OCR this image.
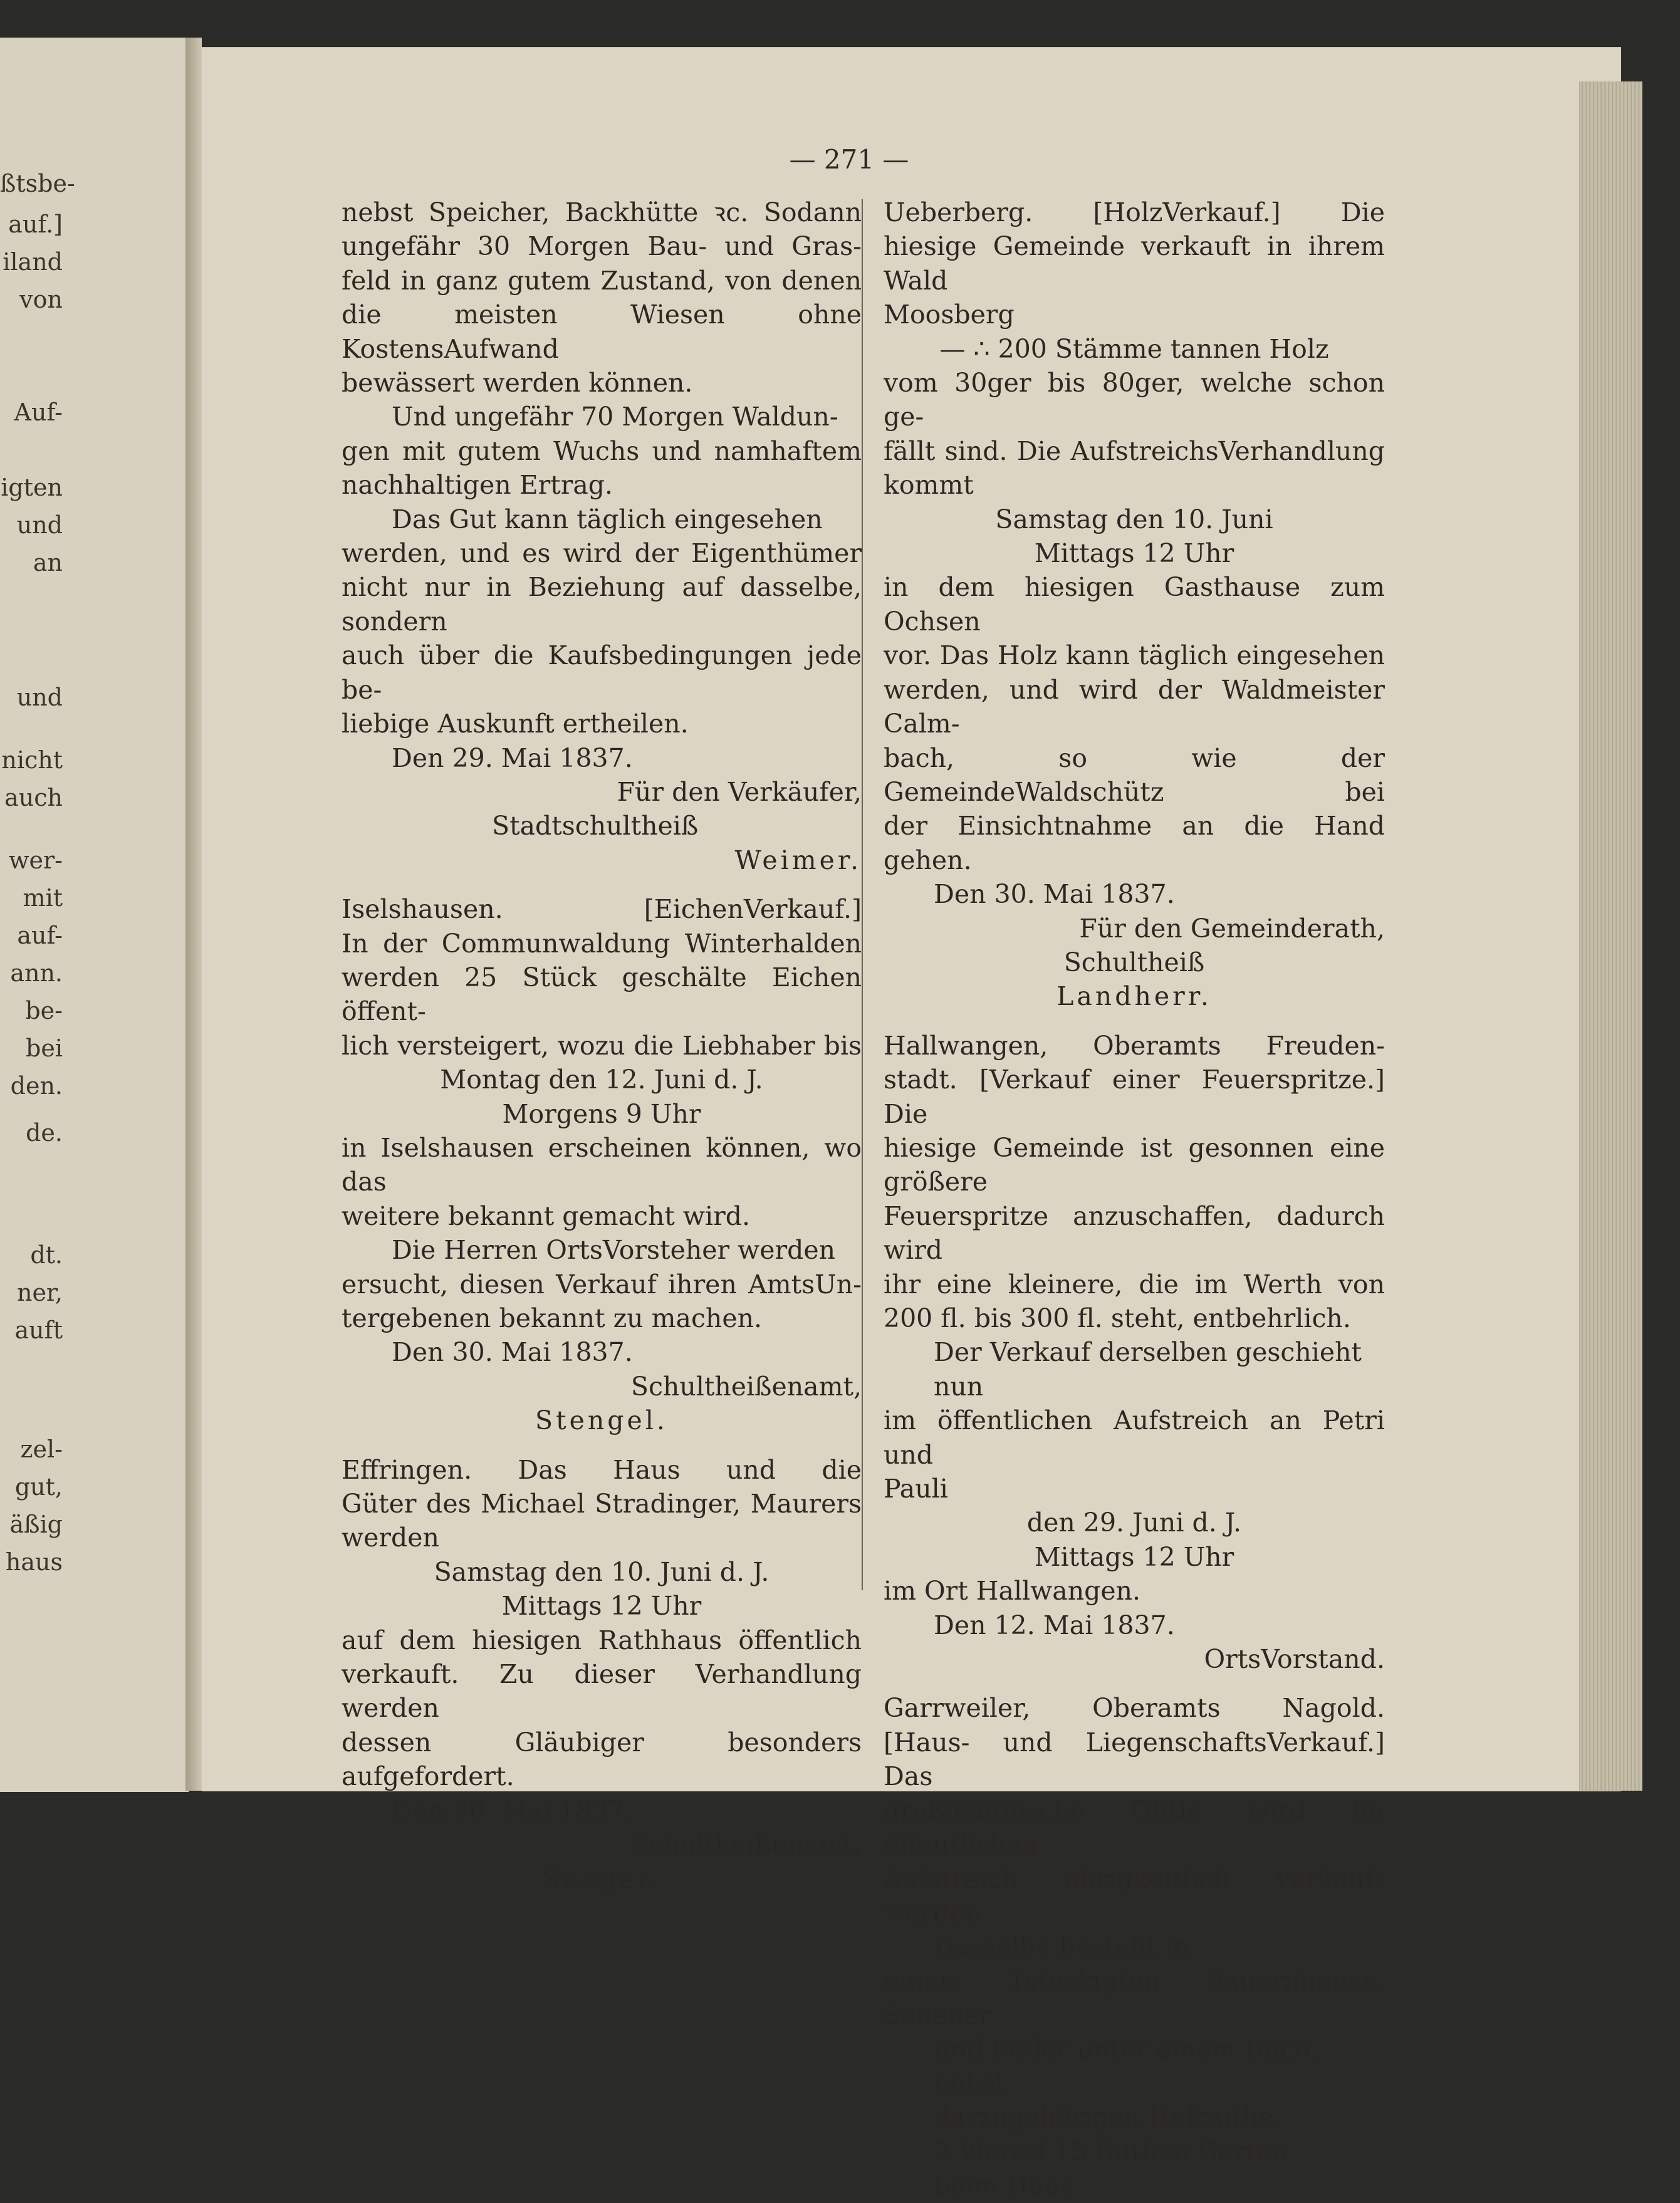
ßtsbe-
auf.]
iland
von
Auf-
igten
und
an
und
nicht
auch
wer-
mit
auf-
ann.
be-
bei
den.
de.
dt.
ner,
auft
zel-
gut,
äßig
haus
— 271 —

nebst Speicher, Backhütte ꝛc. Sodann

ungefähr 30 Morgen Bau- und Gras-

feld in ganz gutem Zustand, von denen

die meisten Wiesen ohne KostensAufwand

bewässert werden können.

Und ungefähr 70 Morgen Waldun-

gen mit gutem Wuchs und namhaftem

nachhaltigen Ertrag.

Das Gut kann täglich eingesehen

werden, und es wird der Eigenthümer

nicht nur in Beziehung auf dasselbe, sondern

auch über die Kaufsbedingungen jede be-

liebige Auskunft ertheilen.

Den 29. Mai 1837.

Für den Verkäufer,

Stadtschultheiß

Weimer.

Iselshausen. [EichenVerkauf.]

In der Communwaldung Winterhalden

werden 25 Stück geschälte Eichen öffent-

lich versteigert, wozu die Liebhaber bis

Montag den 12. Juni d. J.

Morgens 9 Uhr

in Iselshausen erscheinen können, wo das

weitere bekannt gemacht wird.

Die Herren OrtsVorsteher werden

ersucht, diesen Verkauf ihren AmtsUn-

tergebenen bekannt zu machen.

Den 30. Mai 1837.

Schultheißenamt,

Stengel.

Effringen. Das Haus und die

Güter des Michael Stradinger, Maurers

werden

Samstag den 10. Juni d. J.

Mittags 12 Uhr

auf dem hiesigen Rathhaus öffentlich

verkauft. Zu dieser Verhandlung werden

dessen Gläubiger besonders aufgefordert.

Den 30. Mai 1837.

Schultheißenamt,

Seeger.

Ueberberg. [HolzVerkauf.] Die

hiesige Gemeinde verkauft in ihrem Wald

Moosberg

— ∴ 200 Stämme tannen Holz

vom 30ger bis 80ger, welche schon ge-

fällt sind. Die AufstreichsVerhandlung

kommt

Samstag den 10. Juni

Mittags 12 Uhr

in dem hiesigen Gasthause zum Ochsen

vor. Das Holz kann täglich eingesehen

werden, und wird der Waldmeister Calm-

bach, so wie der GemeindeWaldschütz bei

der Einsichtnahme an die Hand gehen.

Den 30. Mai 1837.

Für den Gemeinderath,

Schultheiß

Landherr.

Hallwangen, Oberamts Freuden-

stadt. [Verkauf einer Feuerspritze.] Die

hiesige Gemeinde ist gesonnen eine größere

Feuerspritze anzuschaffen, dadurch wird

ihr eine kleinere, die im Werth von

200 fl. bis 300 fl. steht, entbehrlich.

Der Verkauf derselben geschieht nun

im öffentlichen Aufstreich an Petri und

Pauli

den 29. Juni d. J.

Mittags 12 Uhr

im Ort Hallwangen.

Den 12. Mai 1837.

OrtsVorstand.

Garrweiler, Oberamts Nagold.

[Haus- und LiegenschaftsVerkauf.] Das

großmännische Gütle wird im öffentlichen

Aufstreich obrigkeitlich verkauft werden.

Dasselbe besteht in

einem 1stockigten Bauernhause, Scheuer

und Keller unter einem Dach, nebst

darzugehörigen Hofraithe.

2 Viertel 15 Ruthen Garten

beim Haus.
